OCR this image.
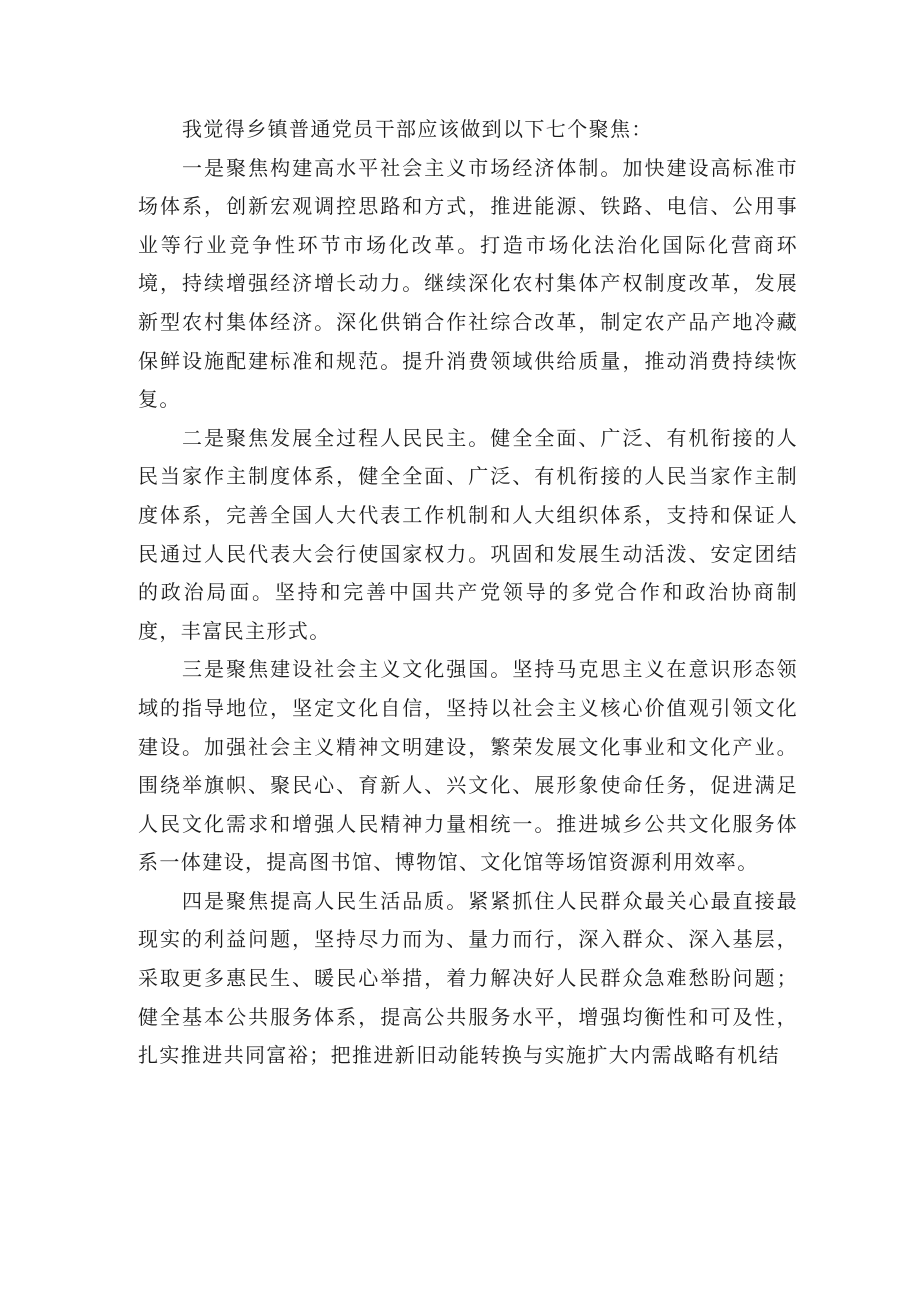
我觉得乡镇普通党员干部应该做到以下七个聚焦：

一是聚焦构建高水平社会主义市场经济体制。加快建设高标准市场体系，创新宏观调控思路和方式，推进能源、铁路、电信、公用事业等行业竞争性环节市场化改革。打造市场化法治化国际化营商环境，持续增强经济增长动力。继续深化农村集体产权制度改革，发展新型农村集体经济。深化供销合作社综合改革，制定农产品产地冷藏保鲜设施配建标准和规范。提升消费领域供给质量，推动消费持续恢复。

二是聚焦发展全过程人民民主。健全全面、广泛、有机衔接的人民当家作主制度体系，健全全面、广泛、有机衔接的人民当家作主制度体系，完善全国人大代表工作机制和人大组织体系，支持和保证人民通过人民代表大会行使国家权力。巩固和发展生动活泼、安定团结的政治局面。坚持和完善中国共产党领导的多党合作和政治协商制度，丰富民主形式。

三是聚焦建设社会主义文化强国。坚持马克思主义在意识形态领域的指导地位，坚定文化自信，坚持以社会主义核心价值观引领文化建设。加强社会主义精神文明建设，繁荣发展文化事业和文化产业。围绕举旗帜、聚民心、育新人、兴文化、展形象使命任务，促进满足人民文化需求和增强人民精神力量相统一。推进城乡公共文化服务体系一体建设，提高图书馆、博物馆、文化馆等场馆资源利用效率。

四是聚焦提高人民生活品质。紧紧抓住人民群众最关心最直接最现实的利益问题，坚持尽力而为、量力而行，深入群众、深入基层，采取更多惠民生、暖民心举措，着力解决好人民群众急难愁盼问题；健全基本公共服务体系，提高公共服务水平，增强均衡性和可及性，扎实推进共同富裕；把推进新旧动能转换与实施扩大内需战略有机结
